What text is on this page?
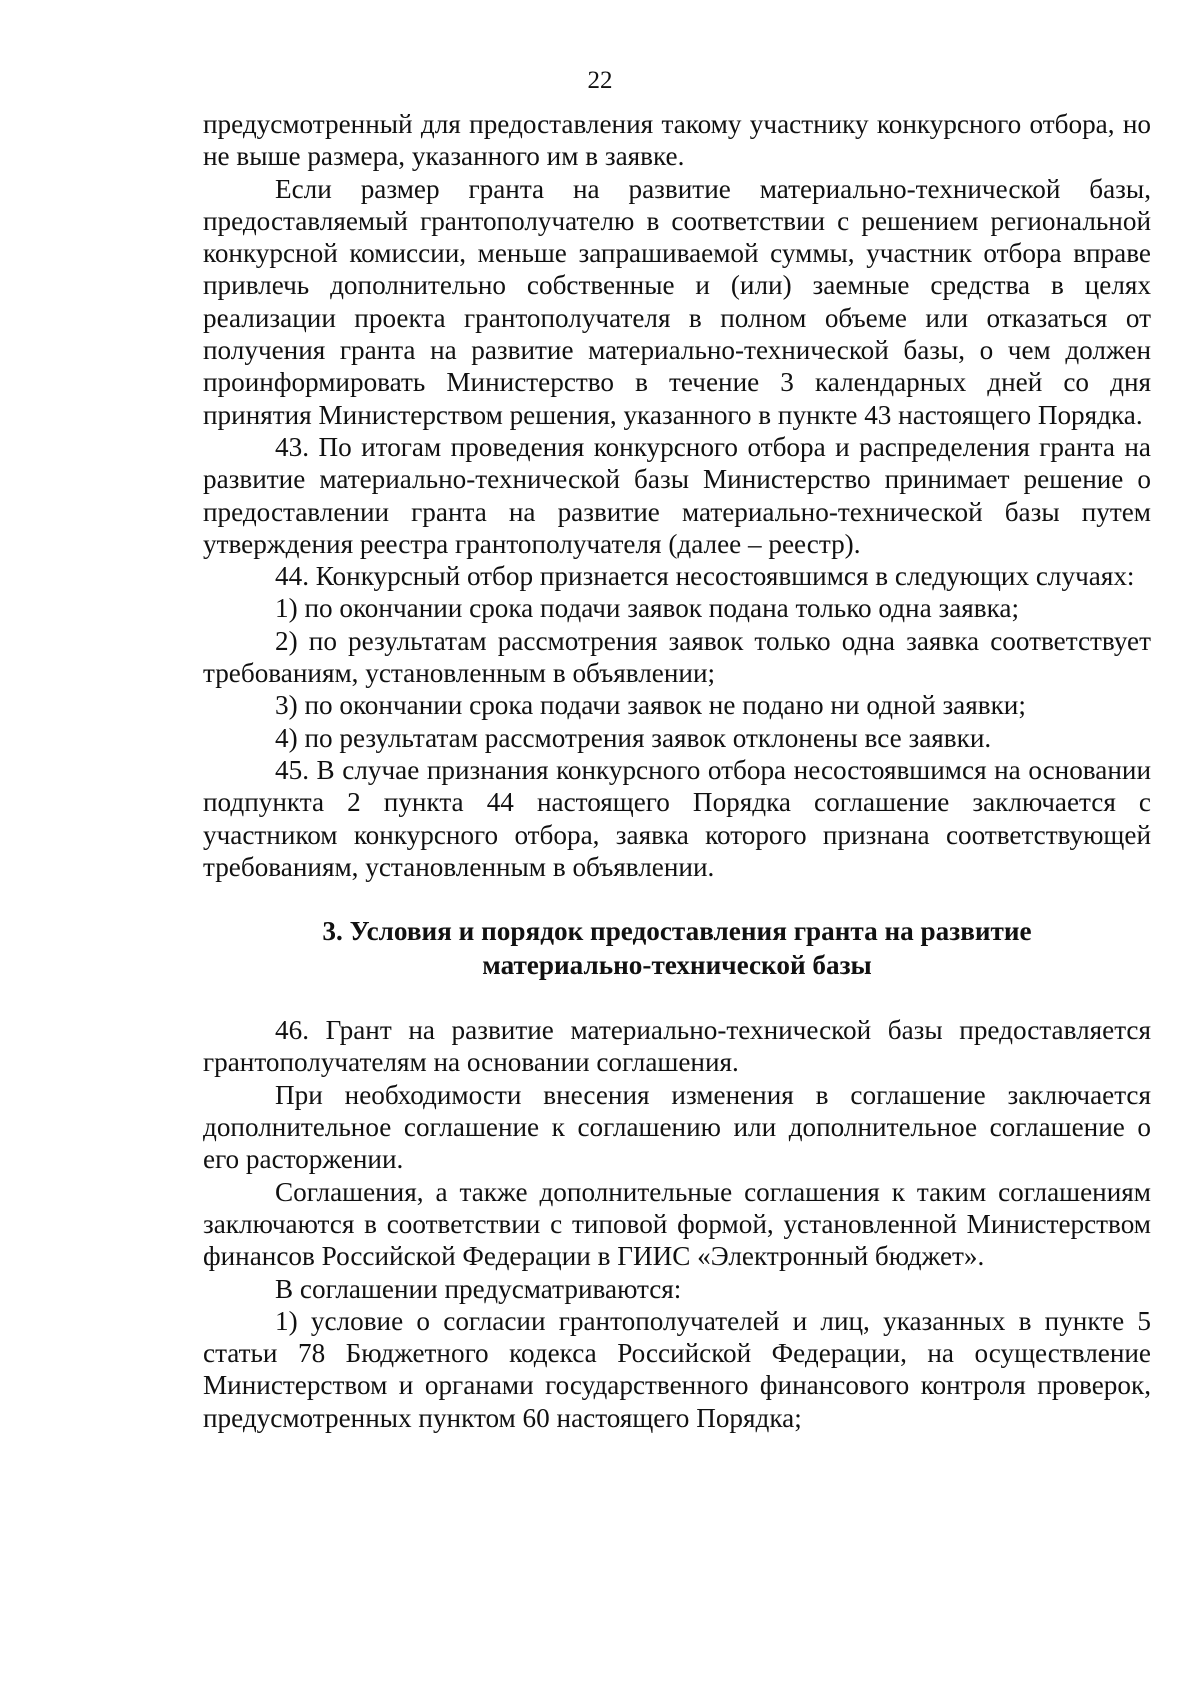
22

предусмотренный для предоставления такому участнику конкурсного отбора, но не выше размера, указанного им в заявке.

Если размер гранта на развитие материально-технической базы, предоставляемый грантополучателю в соответствии с решением региональной конкурсной комиссии, меньше запрашиваемой суммы, участник отбора вправе привлечь дополнительно собственные и (или) заемные средства в целях реализации проекта грантополучателя в полном объеме или отказаться от получения гранта на развитие материально-технической базы, о чем должен проинформировать Министерство в течение 3 календарных дней со дня принятия Министерством решения, указанного в пункте 43 настоящего Порядка.

43. По итогам проведения конкурсного отбора и распределения гранта на развитие материально-технической базы Министерство принимает решение о предоставлении гранта на развитие материально-технической базы путем утверждения реестра грантополучателя (далее – реестр).

44. Конкурсный отбор признается несостоявшимся в следующих случаях:

1) по окончании срока подачи заявок подана только одна заявка;

2) по результатам рассмотрения заявок только одна заявка соответствует требованиям, установленным в объявлении;

3) по окончании срока подачи заявок не подано ни одной заявки;

4) по результатам рассмотрения заявок отклонены все заявки.

45. В случае признания конкурсного отбора несостоявшимся на основании подпункта 2 пункта 44 настоящего Порядка соглашение заключается с участником конкурсного отбора, заявка которого признана соответствующей требованиям, установленным в объявлении.

3. Условия и порядок предоставления гранта на развитие
материально-технической базы

46. Грант на развитие материально-технической базы предоставляется грантополучателям на основании соглашения.

При необходимости внесения изменения в соглашение заключается дополнительное соглашение к соглашению или дополнительное соглашение о его расторжении.

Соглашения, а также дополнительные соглашения к таким соглашениям заключаются в соответствии с типовой формой, установленной Министерством финансов Российской Федерации в ГИИС «Электронный бюджет».

В соглашении предусматриваются:

1) условие о согласии грантополучателей и лиц, указанных в пункте 5 статьи 78 Бюджетного кодекса Российской Федерации, на осуществление Министерством и органами государственного финансового контроля проверок, предусмотренных пунктом 60 настоящего Порядка;
